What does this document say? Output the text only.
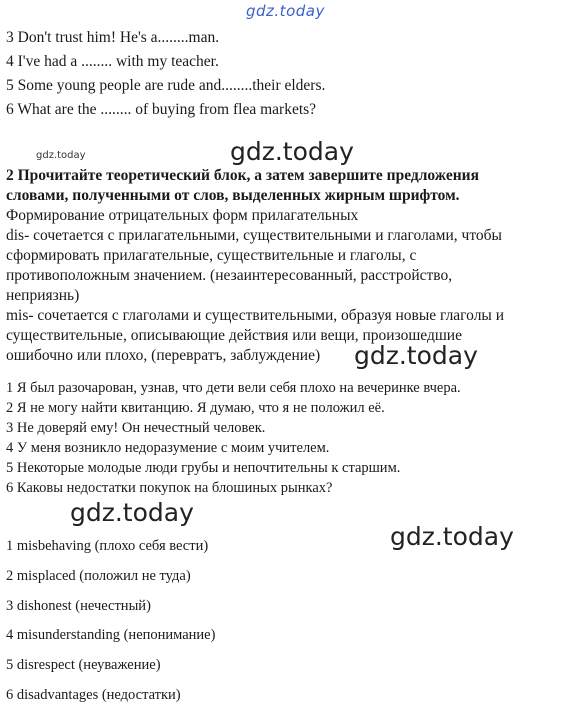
gdz.today
gdz.today	gdz.today
gdz.today
gdz.today
gdz.today
3 Don't trust him! He's a........man.
4 I've had a ........ with my teacher.
5 Some young people are rude and........their elders.
6 What are the ........ of buying from flea markets?
2 Прочитайте теоретический блок, а затем завершите предложения
словами, полученными от слов, выделенных жирным шрифтом.
Формирование отрицательных форм прилагательных
dis- сочетается с прилагательными, существительными и глаголами, чтобы
сформировать прилагательные, существительные и глаголы, с
противоположным значением. (незаинтересованный, расстройство,
неприязнь)
mis- сочетается с глаголами и существительными, образуя новые глаголы и
существительные, описывающие действия или вещи, произошедшие
ошибочно или плохо, (перевратъ, заблуждение)
1 Я был разочарован, узнав, что дети вели себя плохо на вечеринке вчера.
2 Я не могу найти квитанцию. Я думаю, что я не положил её.
3 Не доверяй ему! Он нечестный человек.
4 У меня возникло недоразумение с моим учителем.
5 Некоторые молодые люди грубы и непочтительны к старшим.
6 Каковы недостатки покупок на блошиных рынках?
1 misbehaving (плохо себя вести)
2 misplaced (положил не туда)
3 dishonest (нечестный)
4 misunderstanding (непонимание)
5 disrespect (неуважение)
6 disadvantages (недостатки)
